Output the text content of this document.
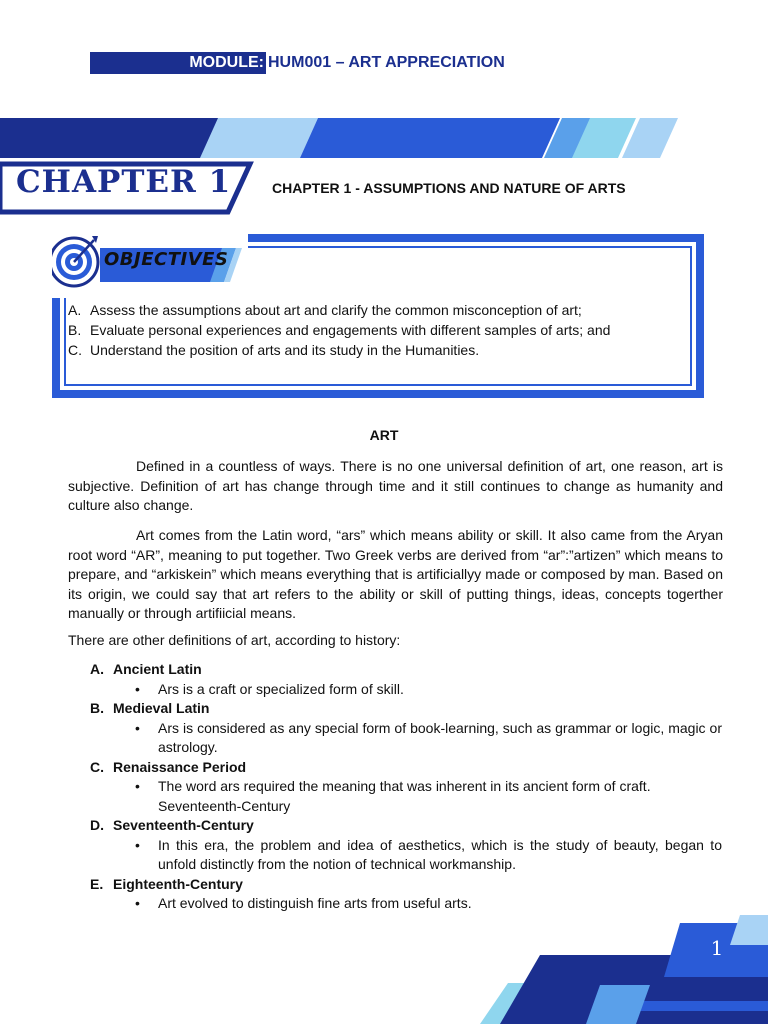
MODULE: HUM001 – ART APPRECIATION
CHAPTER 1	CHAPTER 1 - ASSUMPTIONS AND NATURE OF ARTS
OBJECTIVES
A. Assess the assumptions about art and clarify the common misconception of art;
B. Evaluate personal experiences and engagements with different samples of arts; and
C. Understand the position of arts and its study in the Humanities.
ART
Defined in a countless of ways. There is no one universal definition of art, one reason, art is subjective. Definition of art has change through time and it still continues to change as humanity and culture also change.
Art comes from the Latin word, “ars” which means ability or skill. It also came from the Aryan root word “AR”, meaning to put together. Two Greek verbs are derived from “ar”:”artizen” which means to prepare, and “arkiskein” which means everything that is artificiallyy made or composed by man. Based on its origin, we could say that art refers to the ability or skill of putting things, ideas, concepts togerther manually or through artifiicial means.
There are other definitions of art, according to history:
A. Ancient Latin
• Ars is a craft or specialized form of skill.
B. Medieval Latin
• Ars is considered as any special form of book-learning, such as grammar or logic, magic or astrology.
C. Renaissance Period
• The word ars required the meaning that was inherent in its ancient form of craft. Seventeenth-Century
D. Seventeenth-Century
• In this era, the problem and idea of aesthetics, which is the study of beauty, began to unfold distinctly from the notion of technical workmanship.
E. Eighteenth-Century
• Art evolved to distinguish fine arts from useful arts.
1
